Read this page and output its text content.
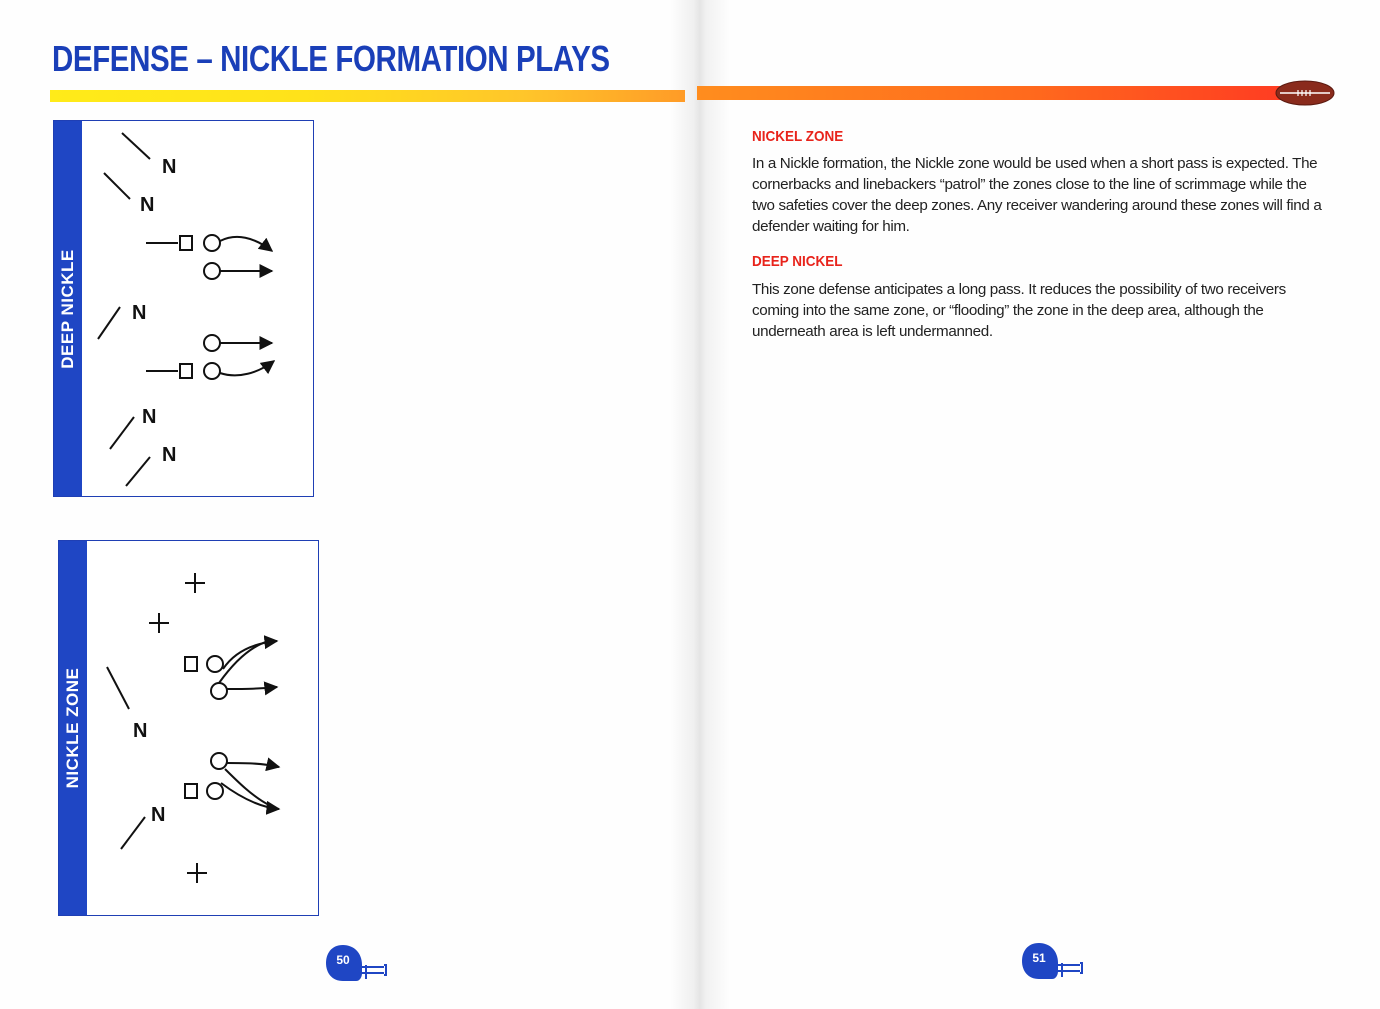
DEFENSE – NICKLE FORMATION PLAYS
DEEP NICKLE
N
N
N
N
N
NICKLE ZONE	N
N
NICKEL ZONE

In a Nickle formation, the Nickle zone would be used when a short pass is expected. The cornerbacks and linebackers “patrol” the zones close to the line of scrimmage while the two safeties cover the deep zones. Any receiver wandering around these zones will find a defender waiting for him.

DEEP NICKEL

This zone defense anticipates a long pass. It reduces the possibility of two receivers coming into the same zone, or “flooding” the zone in the deep area, although the underneath area is left undermanned.

50	51
